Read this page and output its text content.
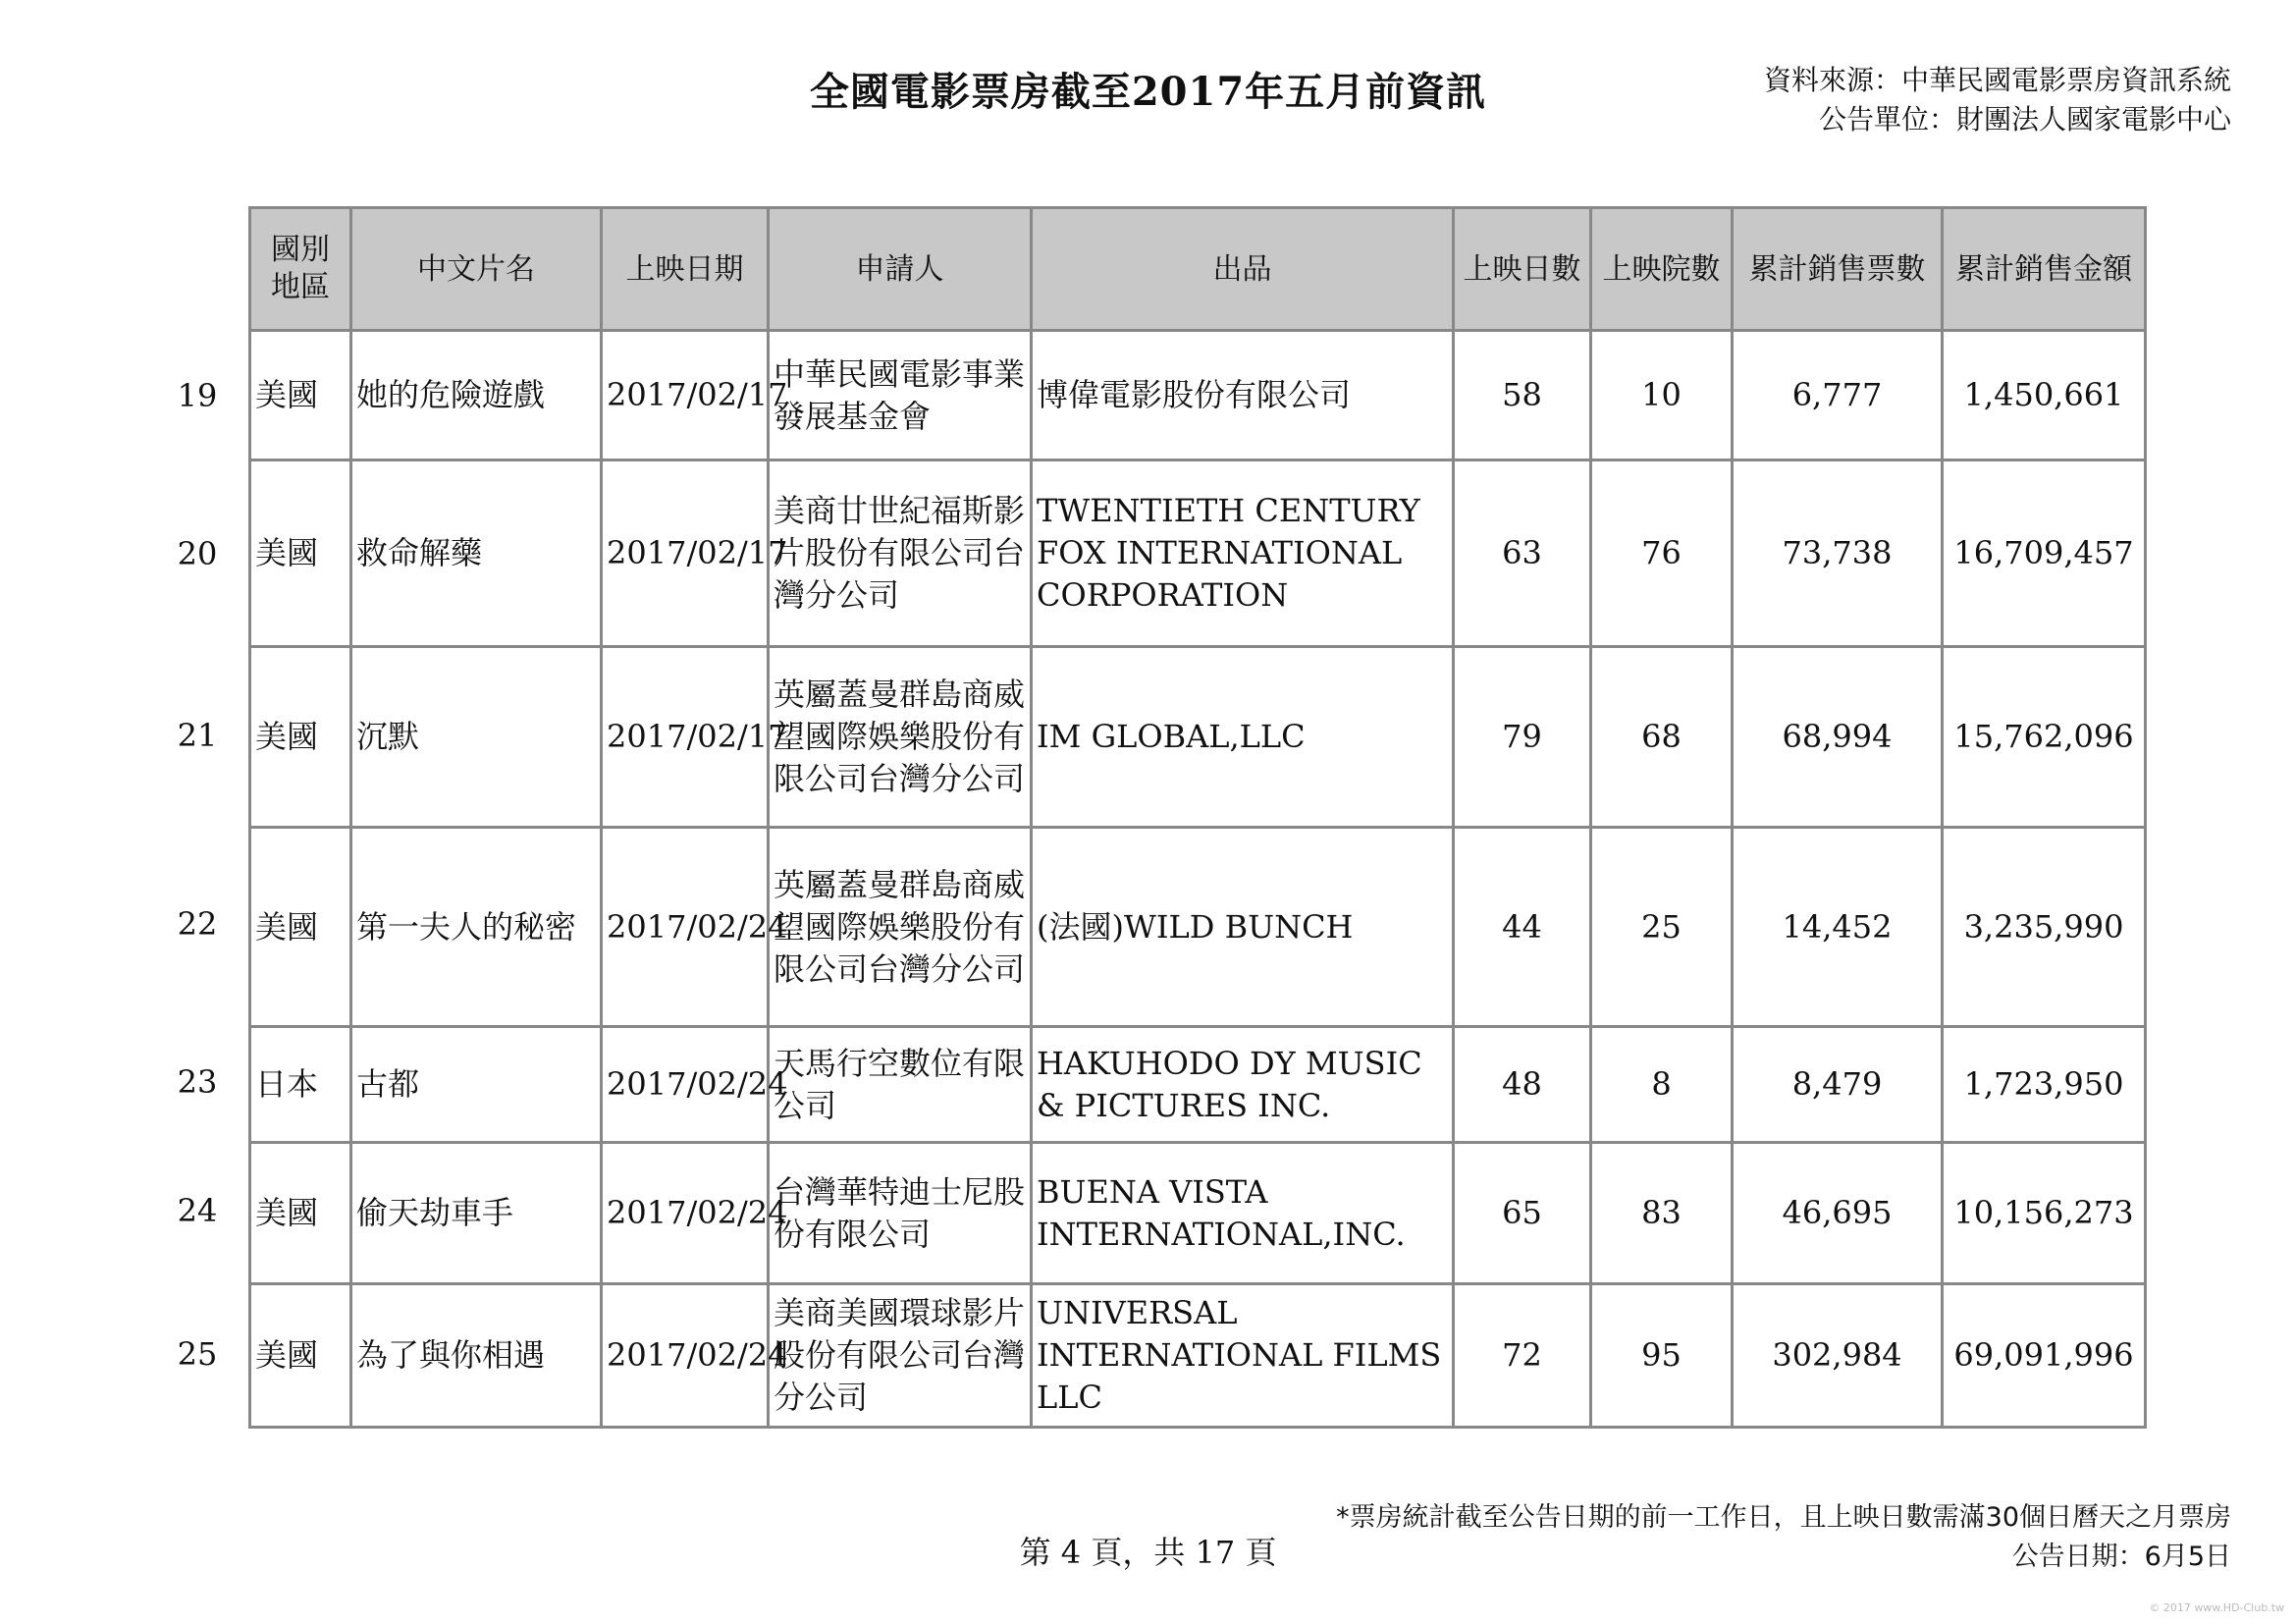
全國電影票房截至2017年五月前資訊	資料來源：中華民國電影票房資訊系統
公告單位：財團法人國家電影中心
國別地區	中文片名	上映日期	申請人	出品	上映日數	上映院數	累計銷售票數	累計銷售金額
美國	她的危險遊戲	2017/02/17	中華民國電影事業發展基金會	博偉電影股份有限公司	58	10	6,777	1,450,661
美國	救命解藥	2017/02/17	美商廿世紀福斯影片股份有限公司台灣分公司	TWENTIETH CENTURY FOX INTERNATIONAL CORPORATION	63	76	73,738	16,709,457
美國	沉默	2017/02/17	英屬蓋曼群島商威望國際娛樂股份有限公司台灣分公司	IM GLOBAL,LLC	79	68	68,994	15,762,096
美國	第一夫人的秘密	2017/02/24	英屬蓋曼群島商威望國際娛樂股份有限公司台灣分公司	(法國)WILD BUNCH	44	25	14,452	3,235,990
日本	古都	2017/02/24	天馬行空數位有限公司	HAKUHODO DY MUSIC & PICTURES INC.	48	8	8,479	1,723,950
美國	偷天劫車手	2017/02/24	台灣華特迪士尼股份有限公司	BUENA VISTA INTERNATIONAL,INC.	65	83	46,695	10,156,273
美國	為了與你相遇	2017/02/24	美商美國環球影片股份有限公司台灣分公司	UNIVERSAL INTERNATIONAL FILMS LLC	72	95	302,984	69,091,996
19
20
21
22
23
24
25
第 4 頁，共 17 頁
*票房統計截至公告日期的前一工作日，且上映日數需滿30個日曆天之月票房
公告日期：6月5日
© 2017 www.HD-Club.tw
